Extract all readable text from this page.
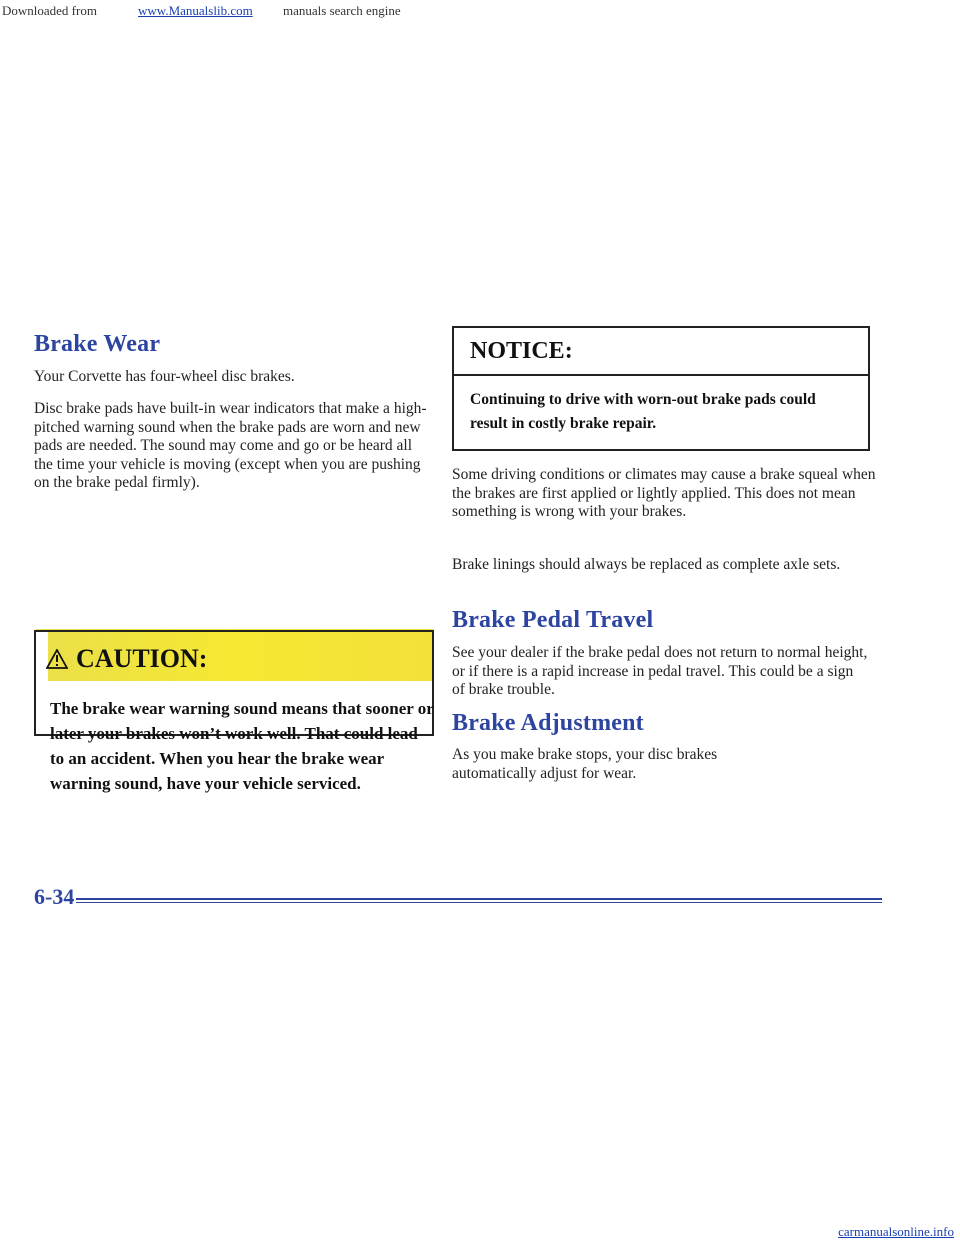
Downloaded from	www.Manualslib.com manuals search engine
Brake Wear

Your Corvette has four-wheel disc brakes.

Disc brake pads have built-in wear indicators that make a high-pitched warning sound when the brake pads are worn and new pads are needed. The sound may come and go or be heard all the time your vehicle is moving (except when you are pushing on the brake pedal firmly).

CAUTION:
The brake wear warning sound means that sooner or later your brakes won’t work well. That could lead to an accident. When you hear the brake wear warning sound, have your vehicle serviced.
NOTICE:
Continuing to drive with worn-out brake pads could result in costly brake repair.

Some driving conditions or climates may cause a brake squeal when the brakes are first applied or lightly applied. This does not mean something is wrong with your brakes.

Brake linings should always be replaced as complete axle sets.

Brake Pedal Travel

See your dealer if the brake pedal does not return to normal height, or if there is a rapid increase in pedal travel. This could be a sign of brake trouble.

Brake Adjustment

As you make brake stops, your disc brakes automatically adjust for wear.

6-34
carmanualsonline.info
